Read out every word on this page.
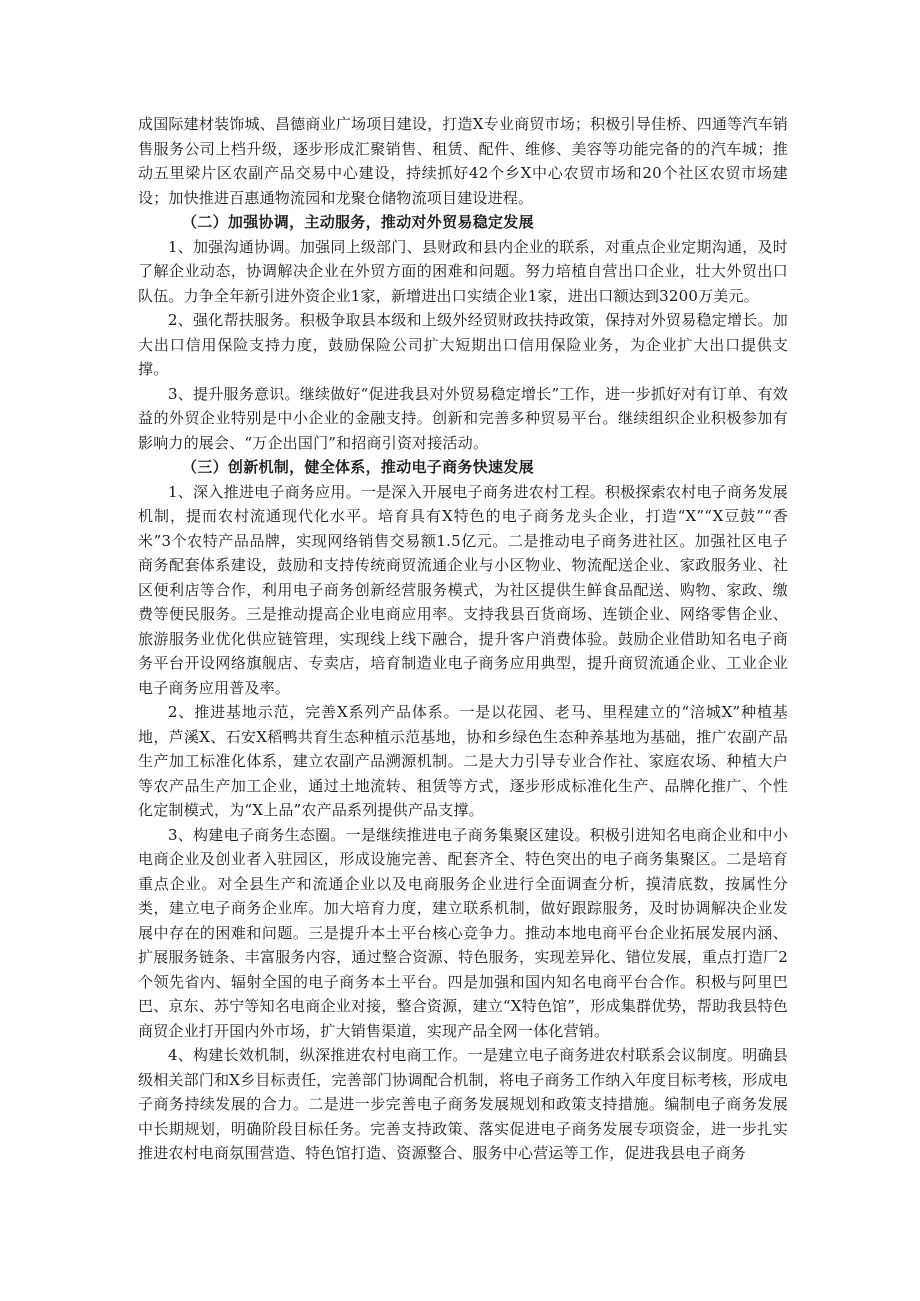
成国际建材装饰城、昌德商业广场项目建设，打造X专业商贸市场；积极引导佳桥、四通等汽车销售服务公司上档升级，逐步形成汇聚销售、租赁、配件、维修、美容等功能完备的的汽车城；推动五里梁片区农副产品交易中心建设，持续抓好42个乡X中心农贸市场和20个社区农贸市场建设；加快推进百惠通物流园和龙聚仓储物流项目建设进程。

（二）加强协调，主动服务，推动对外贸易稳定发展

1、加强沟通协调。加强同上级部门、县财政和县内企业的联系，对重点企业定期沟通，及时了解企业动态，协调解决企业在外贸方面的困难和问题。努力培植自营出口企业，壮大外贸出口队伍。力争全年新引进外资企业1家，新增进出口实绩企业1家，进出口额达到3200万美元。

2、强化帮扶服务。积极争取县本级和上级外经贸财政扶持政策，保持对外贸易稳定增长。加大出口信用保险支持力度，鼓励保险公司扩大短期出口信用保险业务，为企业扩大出口提供支撑。

3、提升服务意识。继续做好“促进我县对外贸易稳定增长”工作，进一步抓好对有订单、有效益的外贸企业特别是中小企业的金融支持。创新和完善多种贸易平台。继续组织企业积极参加有影响力的展会、“万企出国门”和招商引资对接活动。

（三）创新机制，健全体系，推动电子商务快速发展

1、深入推进电子商务应用。一是深入开展电子商务进农村工程。积极探索农村电子商务发展机制，提而农村流通现代化水平。培育具有X特色的电子商务龙头企业，打造“X”“X豆鼓”“香米”3个农特产品品牌，实现网络销售交易额1.5亿元。二是推动电子商务进社区。加强社区电子商务配套体系建设，鼓励和支持传统商贸流通企业与小区物业、物流配送企业、家政服务业、社区便利店等合作，利用电子商务创新经营服务模式，为社区提供生鲜食品配送、购物、家政、缴费等便民服务。三是推动提高企业电商应用率。支持我县百货商场、连锁企业、网络零售企业、旅游服务业优化供应链管理，实现线上线下融合，提升客户消费体验。鼓励企业借助知名电子商务平台开设网络旗舰店、专卖店，培育制造业电子商务应用典型，提升商贸流通企业、工业企业电子商务应用普及率。

2、推进基地示范，完善X系列产品体系。一是以花园、老马、里程建立的“涪城X”种植基地，芦溪X、石安X稻鸭共育生态种植示范基地，协和乡绿色生态种养基地为基础，推广农副产品生产加工标准化体系，建立农副产品溯源机制。二是大力引导专业合作社、家庭农场、种植大户等农产品生产加工企业，通过土地流转、租赁等方式，逐步形成标准化生产、品牌化推广、个性化定制模式，为“X上品”农产品系列提供产品支撑。

3、构建电子商务生态圈。一是继续推进电子商务集聚区建设。积极引进知名电商企业和中小电商企业及创业者入驻园区，形成设施完善、配套齐全、特色突出的电子商务集聚区。二是培育重点企业。对全县生产和流通企业以及电商服务企业进行全面调查分析，摸清底数，按属性分类，建立电子商务企业库。加大培育力度，建立联系机制，做好跟踪服务，及时协调解决企业发展中存在的困难和问题。三是提升本土平台核心竞争力。推动本地电商平台企业拓展发展内涵、扩展服务链条、丰富服务内容，通过整合资源、特色服务，实现差异化、错位发展，重点打造厂2个领先省内、辐射全国的电子商务本土平台。四是加强和国内知名电商平台合作。积极与阿里巴巴、京东、苏宁等知名电商企业对接，整合资源，建立“X特色馆”，形成集群优势，帮助我县特色商贸企业打开国内外市场，扩大销售渠道，实现产品全网一体化营销。

4、构建长效机制，纵深推进农村电商工作。一是建立电子商务进农村联系会议制度。明确县级相关部门和X乡目标责任，完善部门协调配合机制，将电子商务工作纳入年度目标考核，形成电子商务持续发展的合力。二是进一步完善电子商务发展规划和政策支持措施。编制电子商务发展中长期规划，明确阶段目标任务。完善支持政策、落实促进电子商务发展专项资金，进一步扎实推进农村电商氛围营造、特色馆打造、资源整合、服务中心营运等工作，促进我县电子商务
